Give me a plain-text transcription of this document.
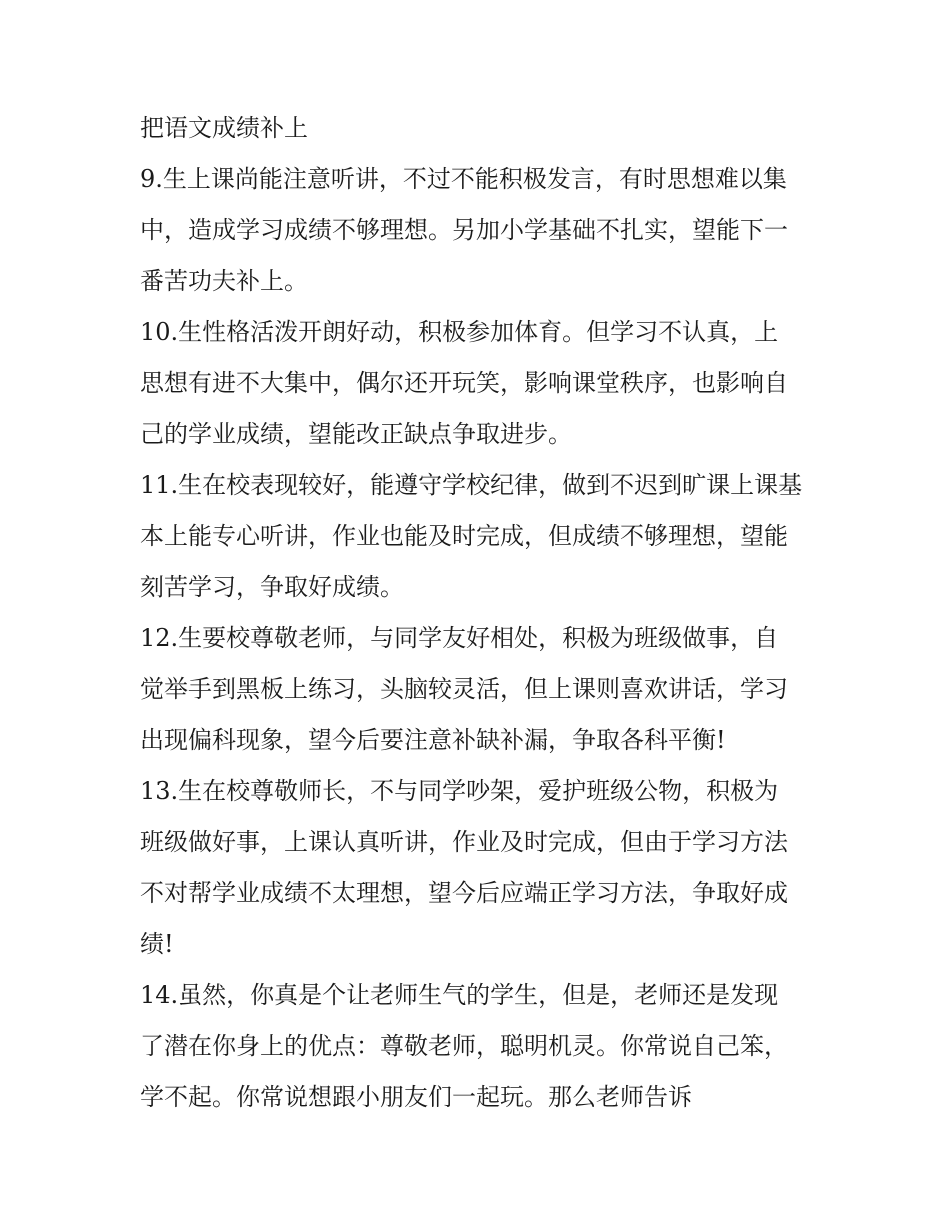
把语文成绩补上
9.生上课尚能注意听讲，不过不能积极发言，有时思想难以集
中，造成学习成绩不够理想。另加小学基础不扎实，望能下一
番苦功夫补上。
10.生性格活泼开朗好动，积极参加体育。但学习不认真，上
思想有进不大集中，偶尔还开玩笑，影响课堂秩序，也影响自
己的学业成绩，望能改正缺点争取进步。
11.生在校表现较好，能遵守学校纪律，做到不迟到旷课上课基
本上能专心听讲，作业也能及时完成，但成绩不够理想，望能
刻苦学习，争取好成绩。
12.生要校尊敬老师，与同学友好相处，积极为班级做事，自
觉举手到黑板上练习，头脑较灵活，但上课则喜欢讲话，学习
出现偏科现象，望今后要注意补缺补漏，争取各科平衡!
13.生在校尊敬师长，不与同学吵架，爱护班级公物，积极为
班级做好事，上课认真听讲，作业及时完成，但由于学习方法
不对帮学业成绩不太理想，望今后应端正学习方法，争取好成
绩!
14.虽然，你真是个让老师生气的学生，但是，老师还是发现
了潜在你身上的优点：尊敬老师，聪明机灵。你常说自己笨，
学不起。你常说想跟小朋友们一起玩。那么老师告诉
